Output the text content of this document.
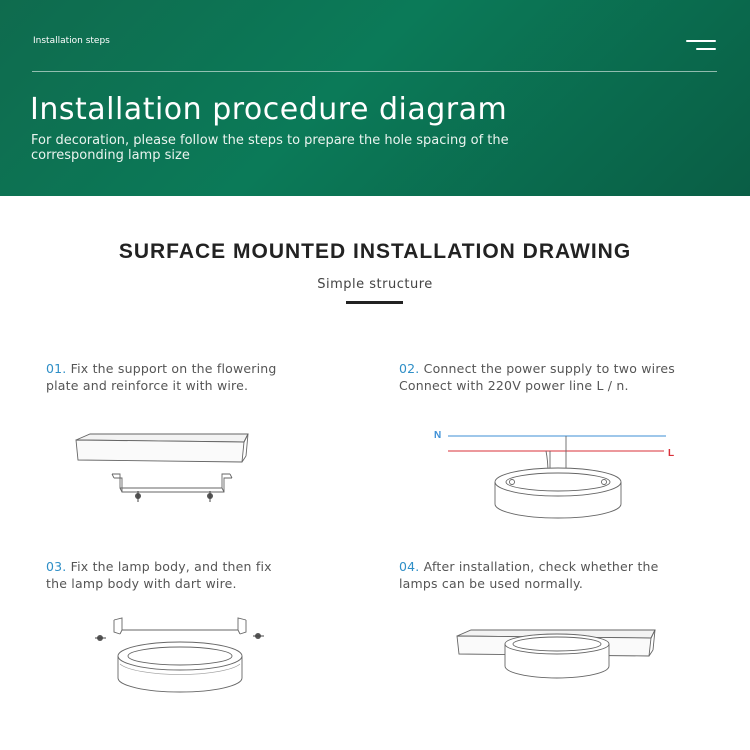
Installation steps
Installation procedure diagram
For decoration, please follow the steps to prepare the hole spacing of the corresponding lamp size
SURFACE MOUNTED INSTALLATION DRAWING
Simple structure
01. Fix the support on the flowering
plate and reinforce it with wire.
02. Connect the power supply to two wires
Connect with 220V power line L / n.
03. Fix the lamp body, and then fix
the lamp body with dart wire.
04. After installation, check whether the
lamps can be used normally.
N
L
